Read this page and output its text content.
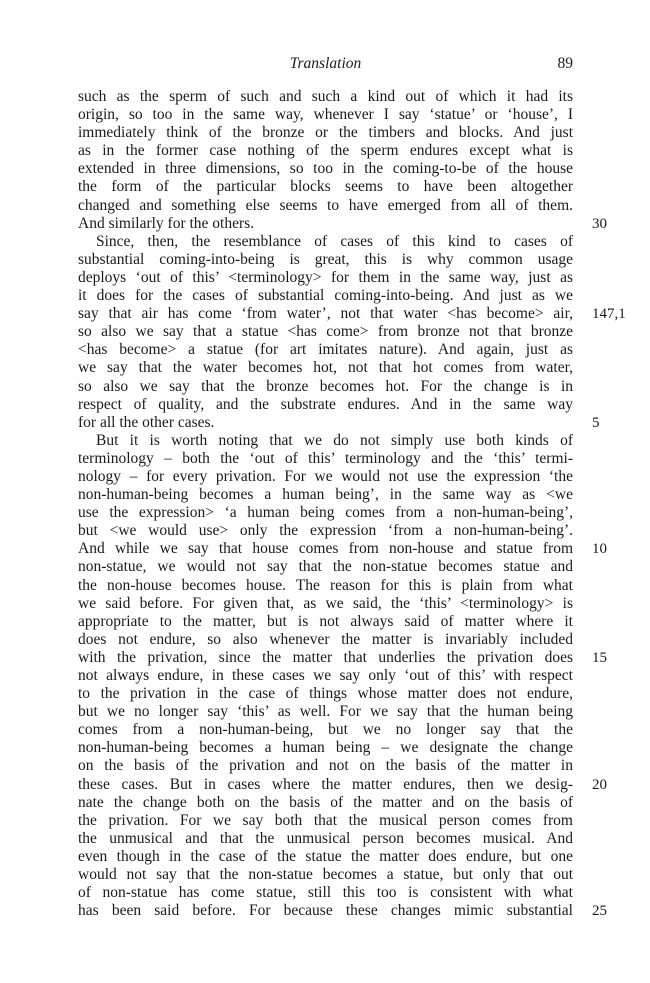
Translation	89
such as the sperm of such and such a kind out of which it had its
origin, so too in the same way, whenever I say ‘statue’ or ‘house’, I
immediately think of the bronze or the timbers and blocks. And just
as in the former case nothing of the sperm endures except what is
extended in three dimensions, so too in the coming-to-be of the house
the form of the particular blocks seems to have been altogether
changed and something else seems to have emerged from all of them.
And similarly for the others.	30
Since, then, the resemblance of cases of this kind to cases of
substantial coming-into-being is great, this is why common usage
deploys ‘out of this’ <terminology> for them in the same way, just as
it does for the cases of substantial coming-into-being. And just as we
say that air has come ‘from water’, not that water <has become> air, 147,1
so also we say that a statue <has come> from bronze not that bronze
<has become> a statue (for art imitates nature). And again, just as
we say that the water becomes hot, not that hot comes from water,
so also we say that the bronze becomes hot. For the change is in
respect of quality, and the substrate endures. And in the same way
for all the other cases.	5
But it is worth noting that we do not simply use both kinds of
terminology – both the ‘out of this’ terminology and the ‘this’ termi-
nology – for every privation. For we would not use the expression ‘the
non-human-being becomes a human being’, in the same way as <we
use the expression> ‘a human being comes from a non-human-being’,
but <we would use> only the expression ‘from a non-human-being’.
And while we say that house comes from non-house and statue from 10
non-statue, we would not say that the non-statue becomes statue and
the non-house becomes house. The reason for this is plain from what
we said before. For given that, as we said, the ‘this’ <terminology> is
appropriate to the matter, but is not always said of matter where it
does not endure, so also whenever the matter is invariably included
with the privation, since the matter that underlies the privation does 15
not always endure, in these cases we say only ‘out of this’ with respect
to the privation in the case of things whose matter does not endure,
but we no longer say ‘this’ as well. For we say that the human being
comes from a non-human-being, but we no longer say that the
non-human-being becomes a human being – we designate the change
on the basis of the privation and not on the basis of the matter in
these cases. But in cases where the matter endures, then we desig- 20
nate the change both on the basis of the matter and on the basis of
the privation. For we say both that the musical person comes from
the unmusical and that the unmusical person becomes musical. And
even though in the case of the statue the matter does endure, but one
would not say that the non-statue becomes a statue, but only that out
of non-statue has come statue, still this too is consistent with what
has been said before. For because these changes mimic substantial 25
